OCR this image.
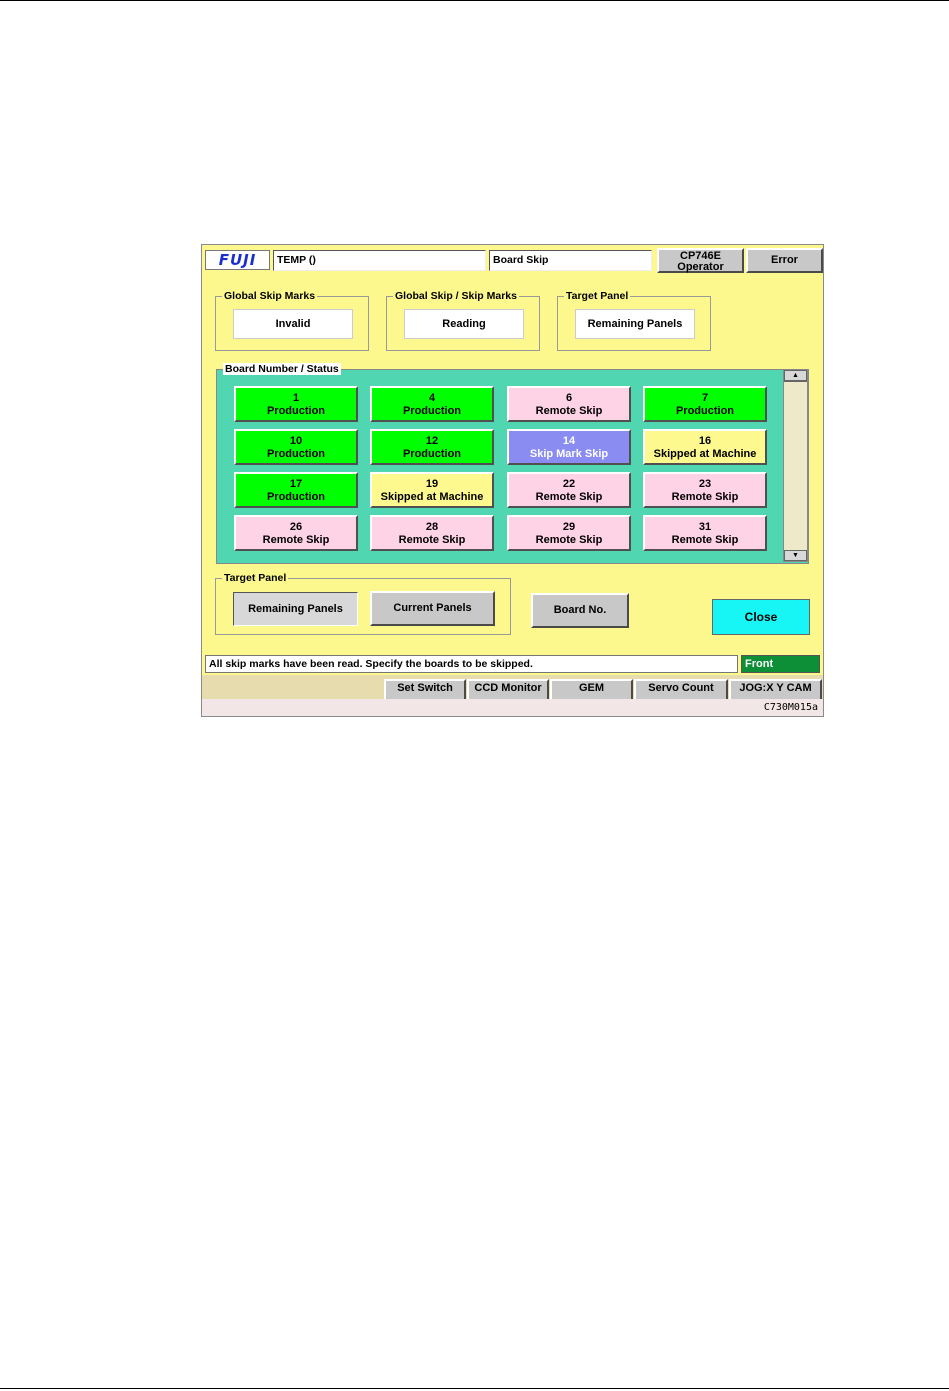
FUJI	TEMP ()	Board Skip	CP746E
Operator
Error
Global Skip Marks
Invalid
Global Skip / Skip Marks
Reading
Target Panel
Remaining Panels
Board Number / Status
1
Production
4
Production
6
Remote Skip
7
Production
10
Production
12
Production
14
Skip Mark Skip
16
Skipped at Machine
17
Production
19
Skipped at Machine
22
Remote Skip
23
Remote Skip
26
Remote Skip
28
Remote Skip
29
Remote Skip
31
Remote Skip
▲
▼
Target Panel
Remaining Panels	Current Panels	Board No.	Close
All skip marks have been read. Specify the boards to be skipped.	Front
Set Switch	CCD Monitor	GEM	Servo Count	JOG:X Y CAM
C730M015a
